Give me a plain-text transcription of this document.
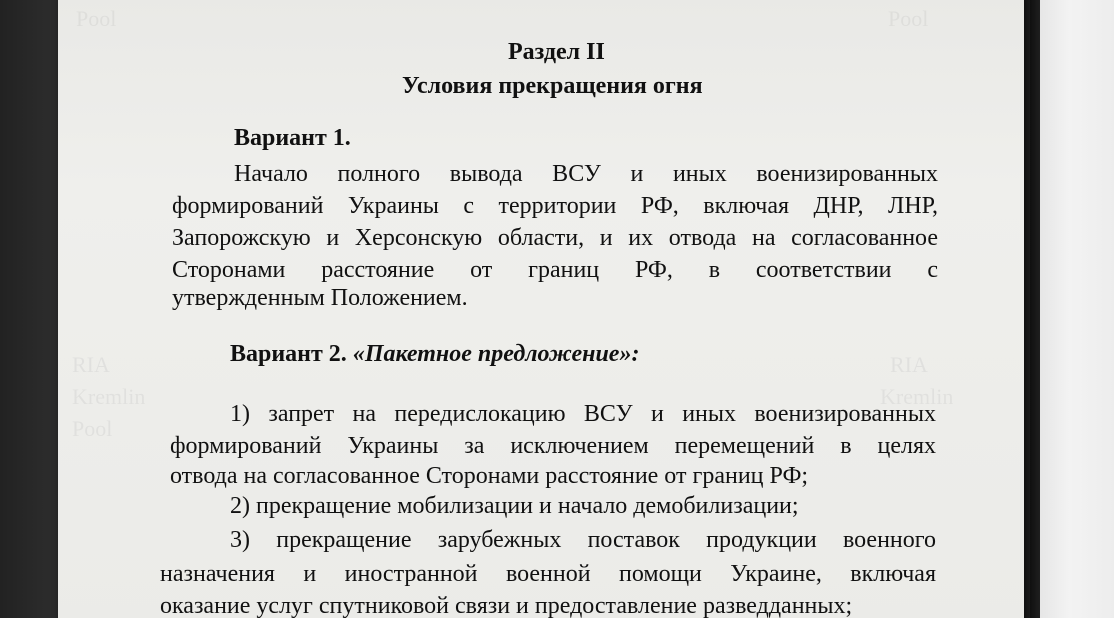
Pool	Pool
RIA
Kremlin
Pool
RIA
Kremlin
Раздел II
Условия прекращения огня
Вариант 1.
Начало полного вывода ВСУ и иных военизированных
формирований Украины с территории РФ, включая ДНР, ЛНР,
Запорожскую и Херсонскую области, и их отвода на согласованное
Сторонами расстояние от границ РФ, в соответствии с
утвержденным Положением.
Вариант 2. «Пакетное предложение»:
1) запрет на передислокацию ВСУ и иных военизированных
формирований Украины за исключением перемещений в целях
отвода на согласованное Сторонами расстояние от границ РФ;
2) прекращение мобилизации и начало демобилизации;
3) прекращение зарубежных поставок продукции военного
назначения и иностранной военной помощи Украине, включая
оказание услуг спутниковой связи и предоставление разведданных;
